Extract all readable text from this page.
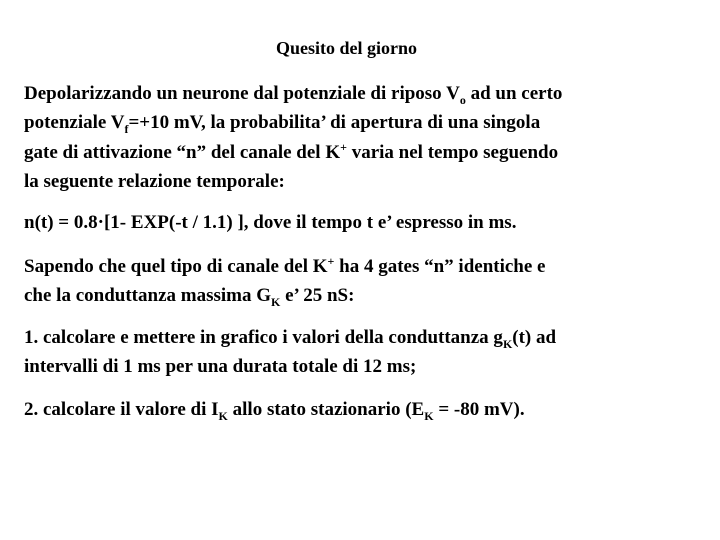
Quesito del giorno
Depolarizzando un neurone dal potenziale di riposo $V_o$ ad un certo
potenziale $V_f=+10$ mV, la probabilita’ di apertura di una singola
gate di attivazione “n” del canale del K+ varia nel tempo seguendo
la seguente relazione temporale:
n(t) = 0.8·[1- EXP(-t / 1.1) ], dove il tempo t e’ espresso in ms.
Sapendo che quel tipo di canale del K+ ha 4 gates “n” identiche e
che la conduttanza massima $G_K$ e’ 25 nS:
1. calcolare e mettere in grafico i valori della conduttanza $g_K(t)$ ad
intervalli di 1 ms per una durata totale di 12 ms;
2. calcolare il valore di $I_K$ allo stato stazionario ($E_K = -80$ mV).
